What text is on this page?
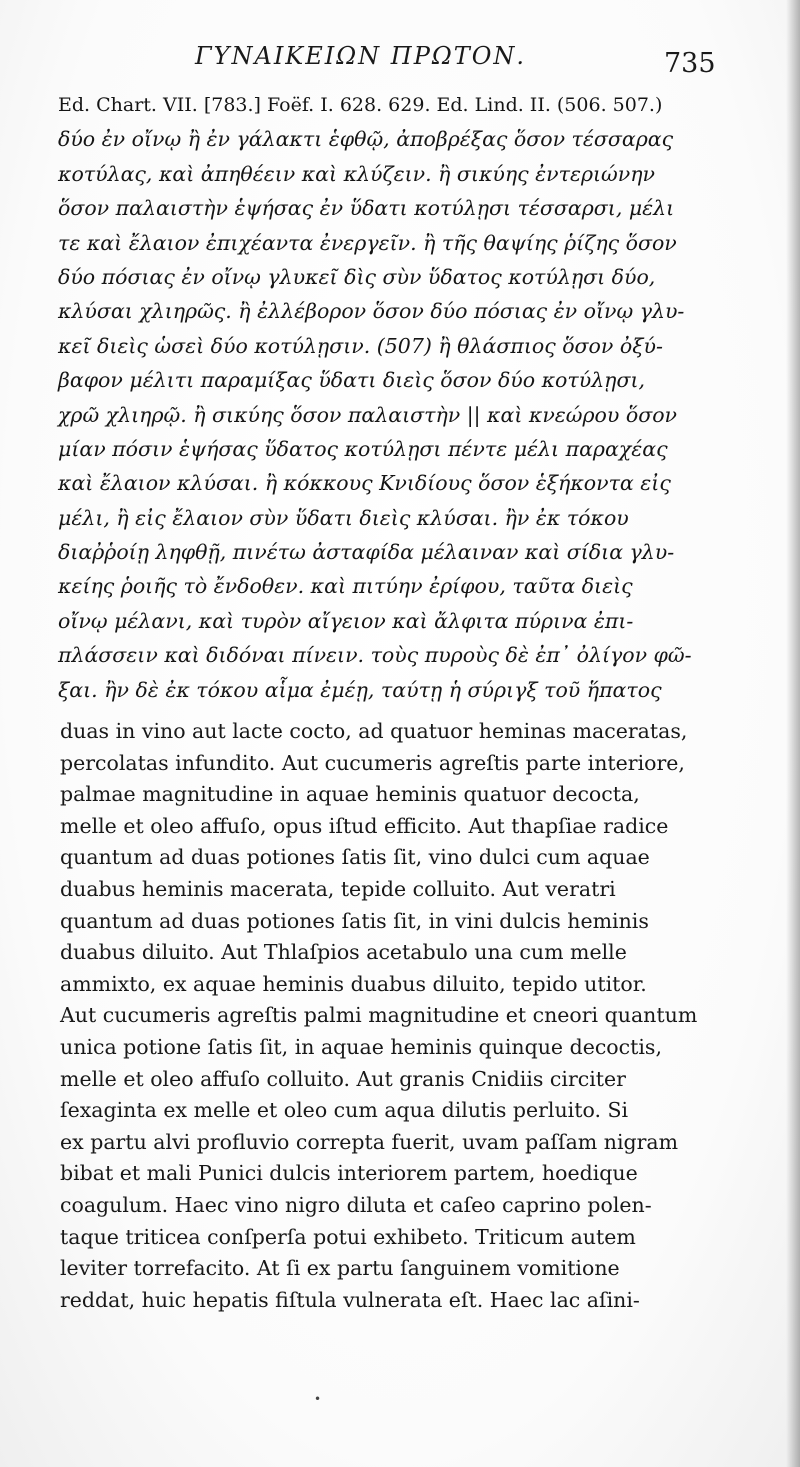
ΓΥΝΑΙΚΕΙΩΝ ΠΡΩΤΟΝ.	735
Ed. Chart. VII. [783.] Foëf. I. 628. 629. Ed. Lind. II. (506. 507.)
δύο ἐν οἴνῳ ἢ ἐν γάλακτι ἑφθῷ, ἀποβρέξας ὅσον τέσσαρας
κοτύλας, καὶ ἀπηθέειν καὶ κλύζειν. ἢ σικύης ἐντεριώνην
ὅσον παλαιστὴν ἑψήσας ἐν ὕδατι κοτύλῃσι τέσσαρσι, μέλι
τε καὶ ἔλαιον ἐπιχέαντα ἐνεργεῖν. ἢ τῆς θαψίης ῥίζης ὅσον
δύο πόσιας ἐν οἴνῳ γλυκεῖ δὶς σὺν ὕδατος κοτύλῃσι δύο,
κλύσαι χλιηρῶς. ἢ ἐλλέβορον ὅσον δύο πόσιας ἐν οἴνῳ γλυ-
κεῖ διεὶς ὡσεὶ δύο κοτύλῃσιν. (507) ἢ θλάσπιος ὅσον ὀξύ-
βαφον μέλιτι παραμίξας ὕδατι διεὶς ὅσον δύο κοτύλῃσι,
χρῶ χλιηρῷ. ἢ σικύης ὅσον παλαιστὴν || καὶ κνεώρου ὅσον
μίαν πόσιν ἑψήσας ὕδατος κοτύλῃσι πέντε μέλι παραχέας
καὶ ἔλαιον κλύσαι. ἢ κόκκους Κνιδίους ὅσον ἑξήκοντα εἰς
μέλι, ἢ εἰς ἔλαιον σὺν ὕδατι διεὶς κλύσαι. ἢν ἐκ τόκου
διαῤῥοίῃ ληφθῇ, πινέτω ἀσταφίδα μέλαιναν καὶ σίδια γλυ-
κείης ῥοιῆς τὸ ἔνδοθεν. καὶ πιτύην ἐρίφου, ταῦτα διεὶς
οἴνῳ μέλανι, καὶ τυρὸν αἴγειον καὶ ἄλφιτα πύρινα ἐπι-
πλάσσειν καὶ διδόναι πίνειν. τοὺς πυροὺς δὲ ἐπ᾽ ὀλίγον φῶ-
ξαι. ἢν δὲ ἐκ τόκου αἷμα ἐμέῃ, ταύτῃ ἡ σύριγξ τοῦ ἥπατος
duas in vino aut lacte cocto, ad quatuor heminas maceratas,
percolatas infundito. Aut cucumeris agreſtis parte interiore,
palmae magnitudine in aquae heminis quatuor decocta,
melle et oleo affuſo, opus iſtud efficito. Aut thapſiae radice
quantum ad duas potiones ſatis ſit, vino dulci cum aquae
duabus heminis macerata, tepide colluito. Aut veratri
quantum ad duas potiones ſatis ſit, in vini dulcis heminis
duabus diluito. Aut Thlaſpios acetabulo una cum melle
ammixto, ex aquae heminis duabus diluito, tepido utitor.
Aut cucumeris agreſtis palmi magnitudine et cneori quantum
unica potione ſatis ſit, in aquae heminis quinque decoctis,
melle et oleo affuſo colluito. Aut granis Cnidiis circiter
ſexaginta ex melle et oleo cum aqua dilutis perluito. Si
ex partu alvi profluvio correpta fuerit, uvam paſſam nigram
bibat et mali Punici dulcis interiorem partem, hoedique
coagulum. Haec vino nigro diluta et caſeo caprino polen-
taque triticea conſperſa potui exhibeto. Triticum autem
leviter torrefacito. At ſi ex partu ſanguinem vomitione
reddat, huic hepatis fiſtula vulnerata eſt. Haec lac aſini-
•
